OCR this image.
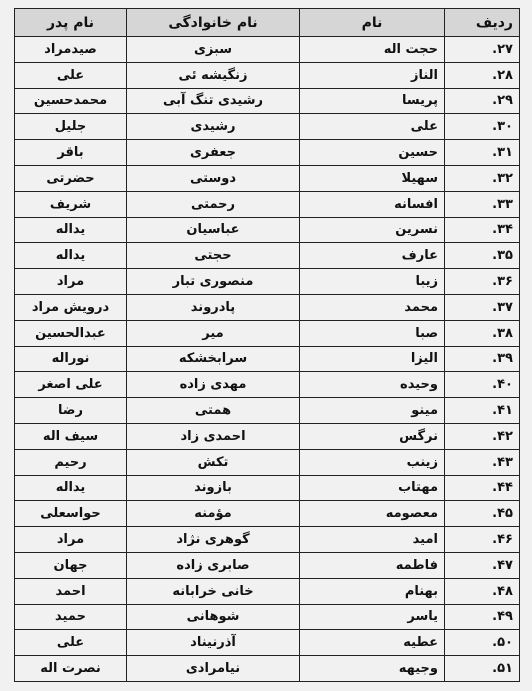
ردیف	نام	نام خانوادگی	نام پدر
۲۷.	حجت اله	سبزی	صیدمراد
۲۸.	الناز	زنگیشه ئی	علی
۲۹.	پریسا	رشیدی تنگ آبی	محمدحسین
۳۰.	علی	رشیدی	جلیل
۳۱.	حسین	جعفری	باقر
۳۲.	سهیلا	دوستی	حضرتی
۳۳.	افسانه	رحمتی	شریف
۳۴.	نسرین	عباسیان	یداله
۳۵.	عارف	حجتی	یداله
۳۶.	زیبا	منصوری تبار	مراد
۳۷.	محمد	پادروند	درویش مراد
۳۸.	صبا	میر	عبدالحسین
۳۹.	الیزا	سرابخشکه	نوراله
۴۰.	وحیده	مهدی زاده	علی اصغر
۴۱.	مینو	همتی	رضا
۴۲.	نرگس	احمدی زاد	سیف اله
۴۳.	زینب	تکش	رحیم
۴۴.	مهتاب	بازوند	یداله
۴۵.	معصومه	مؤمنه	حواسعلی
۴۶.	امید	گوهری نژاد	مراد
۴۷.	فاطمه	صابری زاده	جهان
۴۸.	بهنام	خانی خرابانه	احمد
۴۹.	یاسر	شوهانی	حمید
۵۰.	عطیه	آذرنیناد	علی
۵۱.	وجیهه	نیامرادی	نصرت اله
